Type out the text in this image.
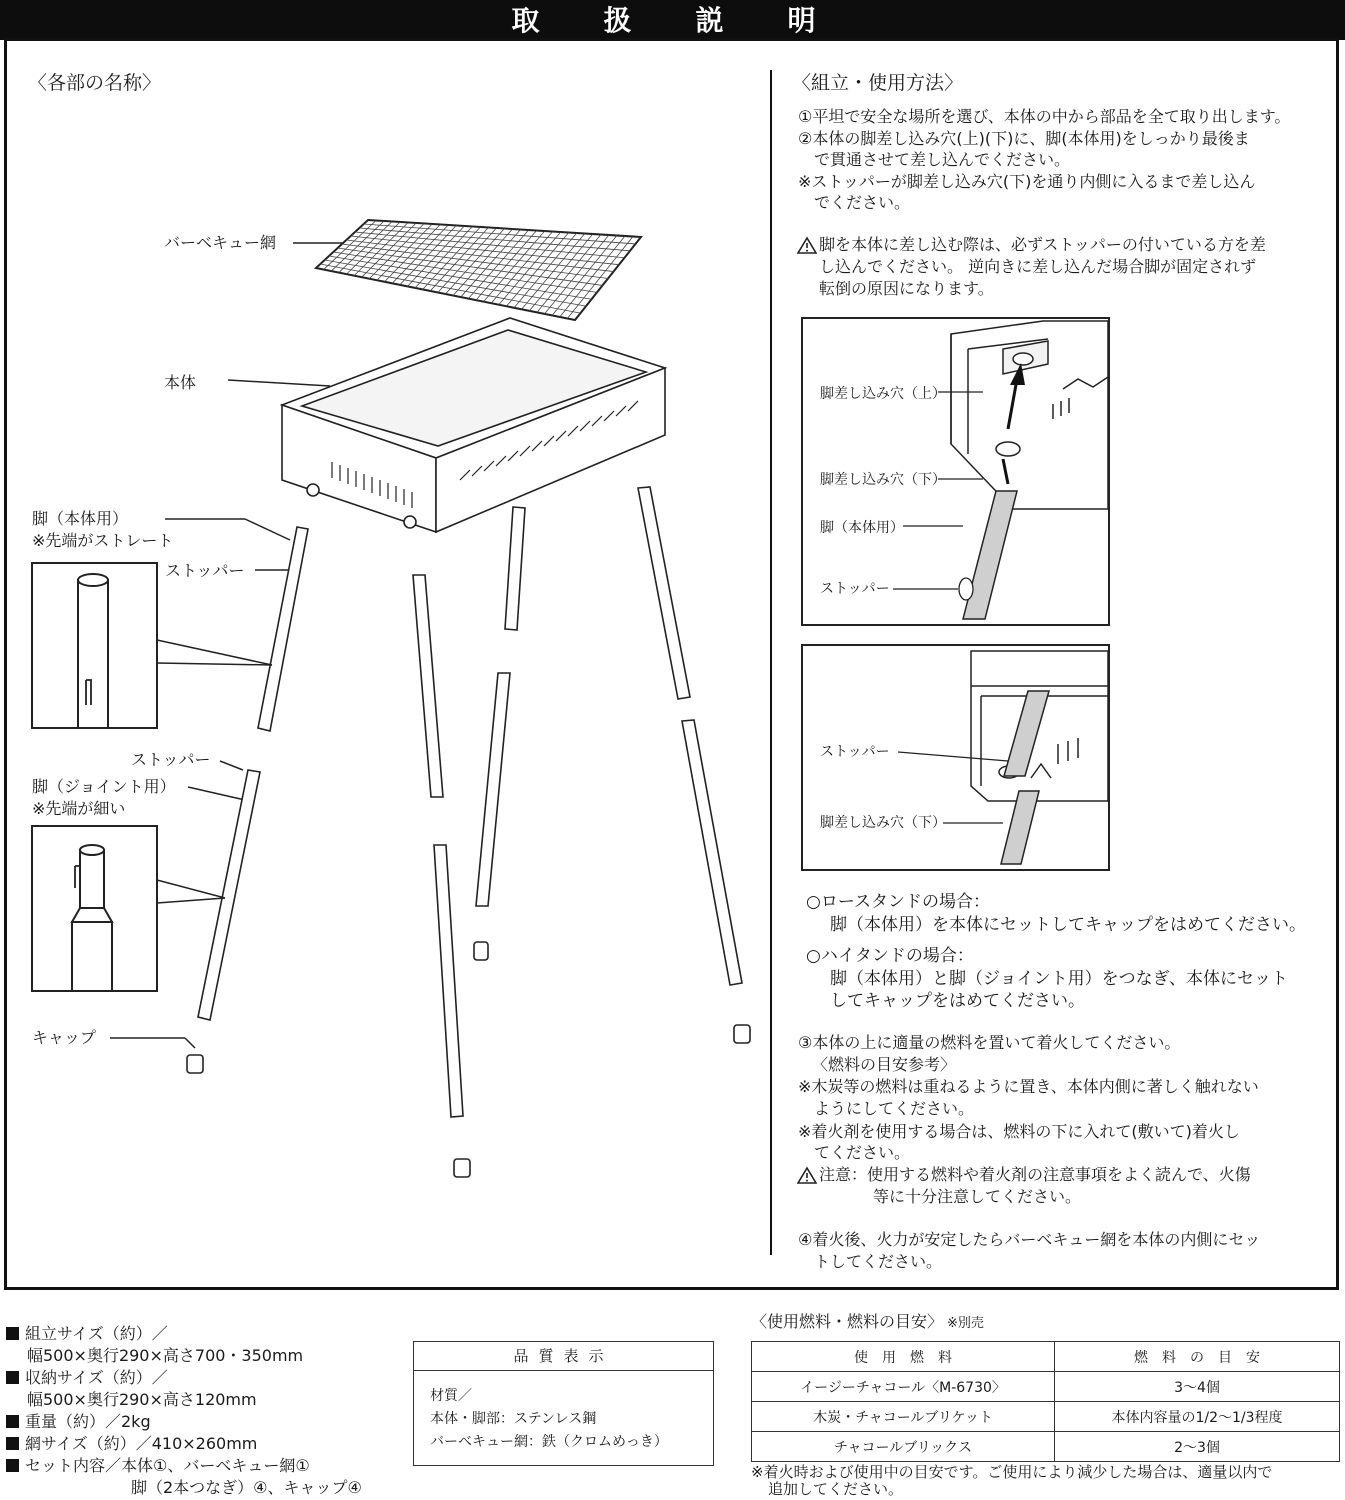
取　扱　説　明
〈各部の名称〉
バーベキュー網
本体
脚（本体用）
※先端がストレート
ストッパー
ストッパー
脚（ジョイント用）
※先端が細い
キャップ
〈組立・使用方法〉
①平坦で安全な場所を選び、本体の中から部品を全て取り出します。
②本体の脚差し込み穴(上)(下)に、脚(本体用)をしっかり最後ま
　で貫通させて差し込んでください。
※ストッパーが脚差し込み穴(下)を通り内側に入るまで差し込ん
　でください。
脚を本体に差し込む際は、必ずストッパーの付いている方を差
し込んでください。 逆向きに差し込んだ場合脚が固定されず
転倒の原因になります。
脚差し込み穴（上）
脚差し込み穴（下）
脚（本体用）
ストッパー
ストッパー
脚差し込み穴（下）
○ロースタンドの場合：
脚（本体用）を本体にセットしてキャップをはめてください。
○ハイタンドの場合：
脚（本体用）と脚（ジョイント用）をつなぎ、本体にセット
してキャップをはめてください。
③本体の上に適量の燃料を置いて着火してください。
〈燃料の目安参考〉
※木炭等の燃料は重ねるように置き、本体内側に著しく触れない
　ようにしてください。
※着火剤を使用する場合は、燃料の下に入れて(敷いて)着火し
　てください。
注意：使用する燃料や着火剤の注意事項をよく読んで、火傷
等に十分注意してください。
④着火後、火力が安定したらバーベキュー網を本体の内側にセッ
　トしてください。
組立サイズ（約）／
幅500×奥行290×高さ700・350mm
収納サイズ（約）／
幅500×奥行290×高さ120mm
重量（約）／2kg
網サイズ（約）／410×260mm
セット内容／本体①、バーベキュー網①
脚（2本つなぎ）④、キャップ④
品質表示
材質／
本体・脚部：ステンレス鋼
バーベキュー網：鉄（クロムめっき）
〈使用燃料・燃料の目安〉 ※別売
使　用　燃　料	燃　料　の　目　安
イージーチャコール〈M-6730〉	3〜4個
木炭・チャコールブリケット	本体内容量の1/2〜1/3程度
チャコールブリックス	2〜3個
※着火時および使用中の目安です。ご使用により減少した場合は、適量以内で
追加してください。
